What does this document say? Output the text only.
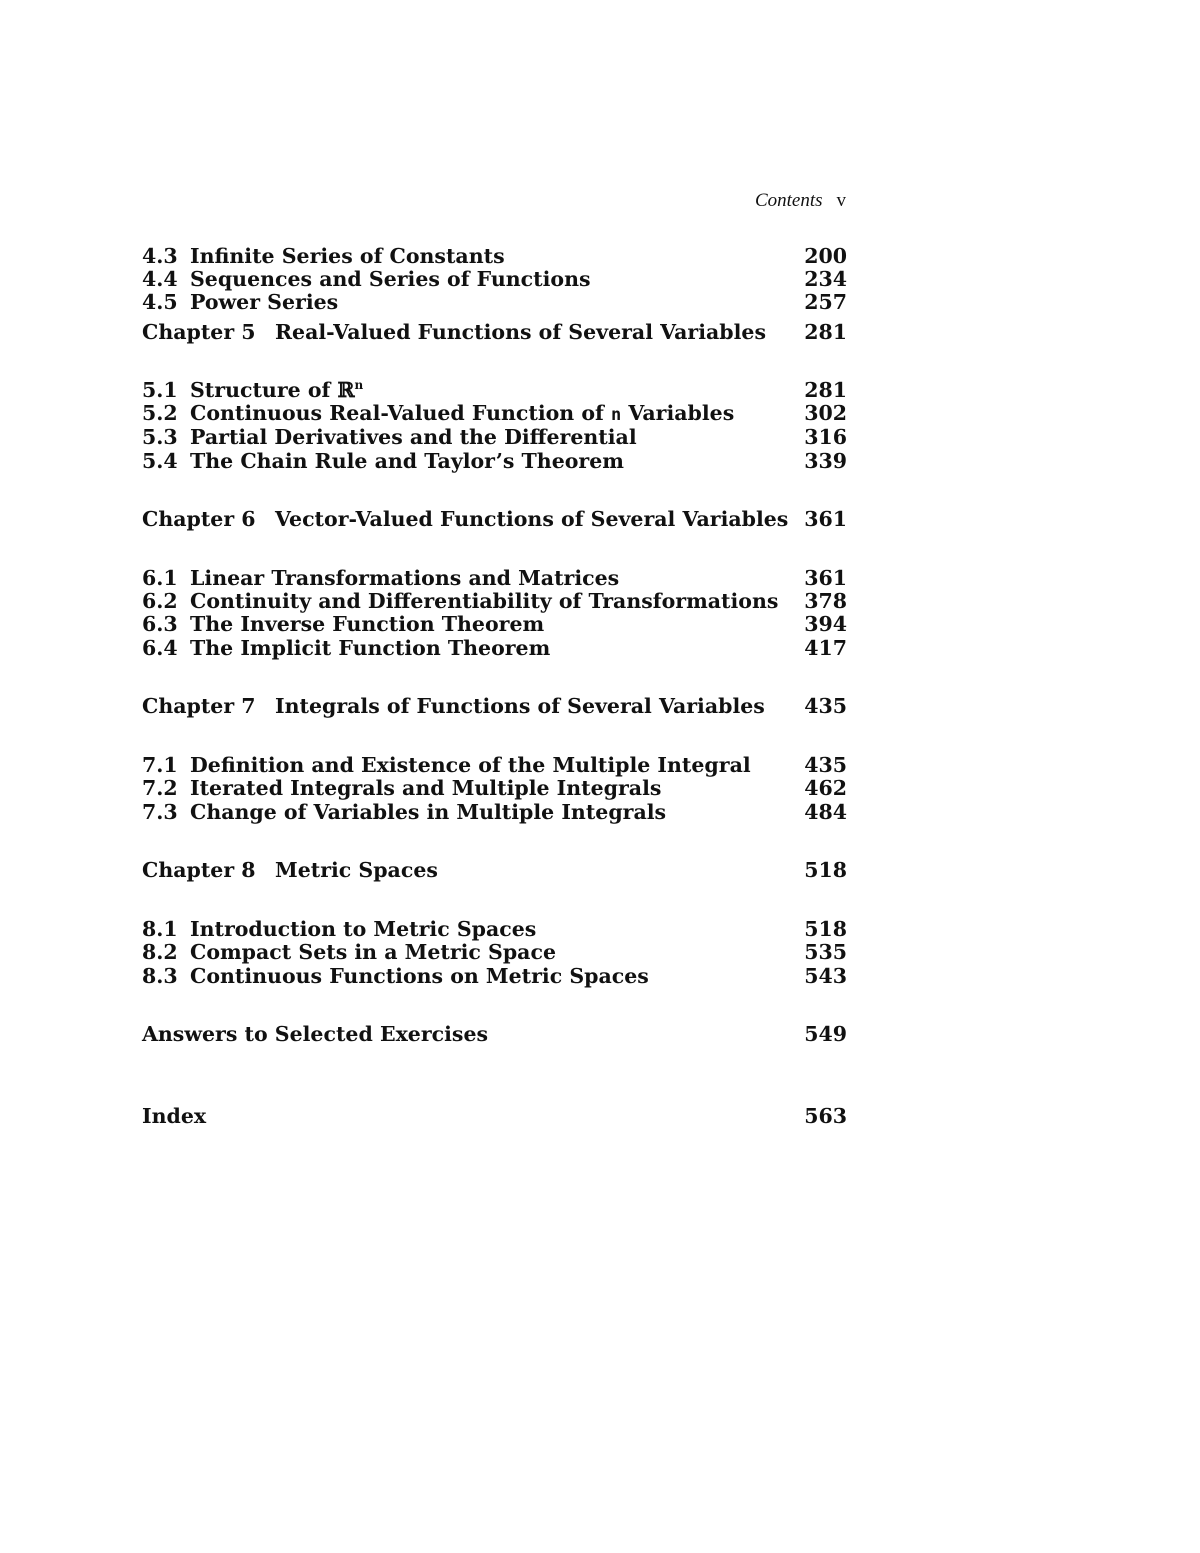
Contents v
4.3 Infinite Series of Constants	200
4.4 Sequences and Series of Functions	234
4.5 Power Series	257
Chapter 5 Real-Valued Functions of Several Variables 281
5.1 Structure of ℝ$^n$	281
5.2 Continuous Real-Valued Function of n Variables	302
5.3 Partial Derivatives and the Differential	316
5.4 The Chain Rule and Taylor’s Theorem	339
Chapter 6 Vector-Valued Functions of Several Variables 361
6.1 Linear Transformations and Matrices	361
6.2 Continuity and Differentiability of Transformations 378
6.3 The Inverse Function Theorem	394
6.4 The Implicit Function Theorem	417
Chapter 7 Integrals of Functions of Several Variables 435
7.1 Definition and Existence of the Multiple Integral	435
7.2 Iterated Integrals and Multiple Integrals	462
7.3 Change of Variables in Multiple Integrals	484
Chapter 8 Metric Spaces	518
8.1 Introduction to Metric Spaces	518
8.2 Compact Sets in a Metric Space	535
8.3 Continuous Functions on Metric Spaces	543
Answers to Selected Exercises	549
Index	563
